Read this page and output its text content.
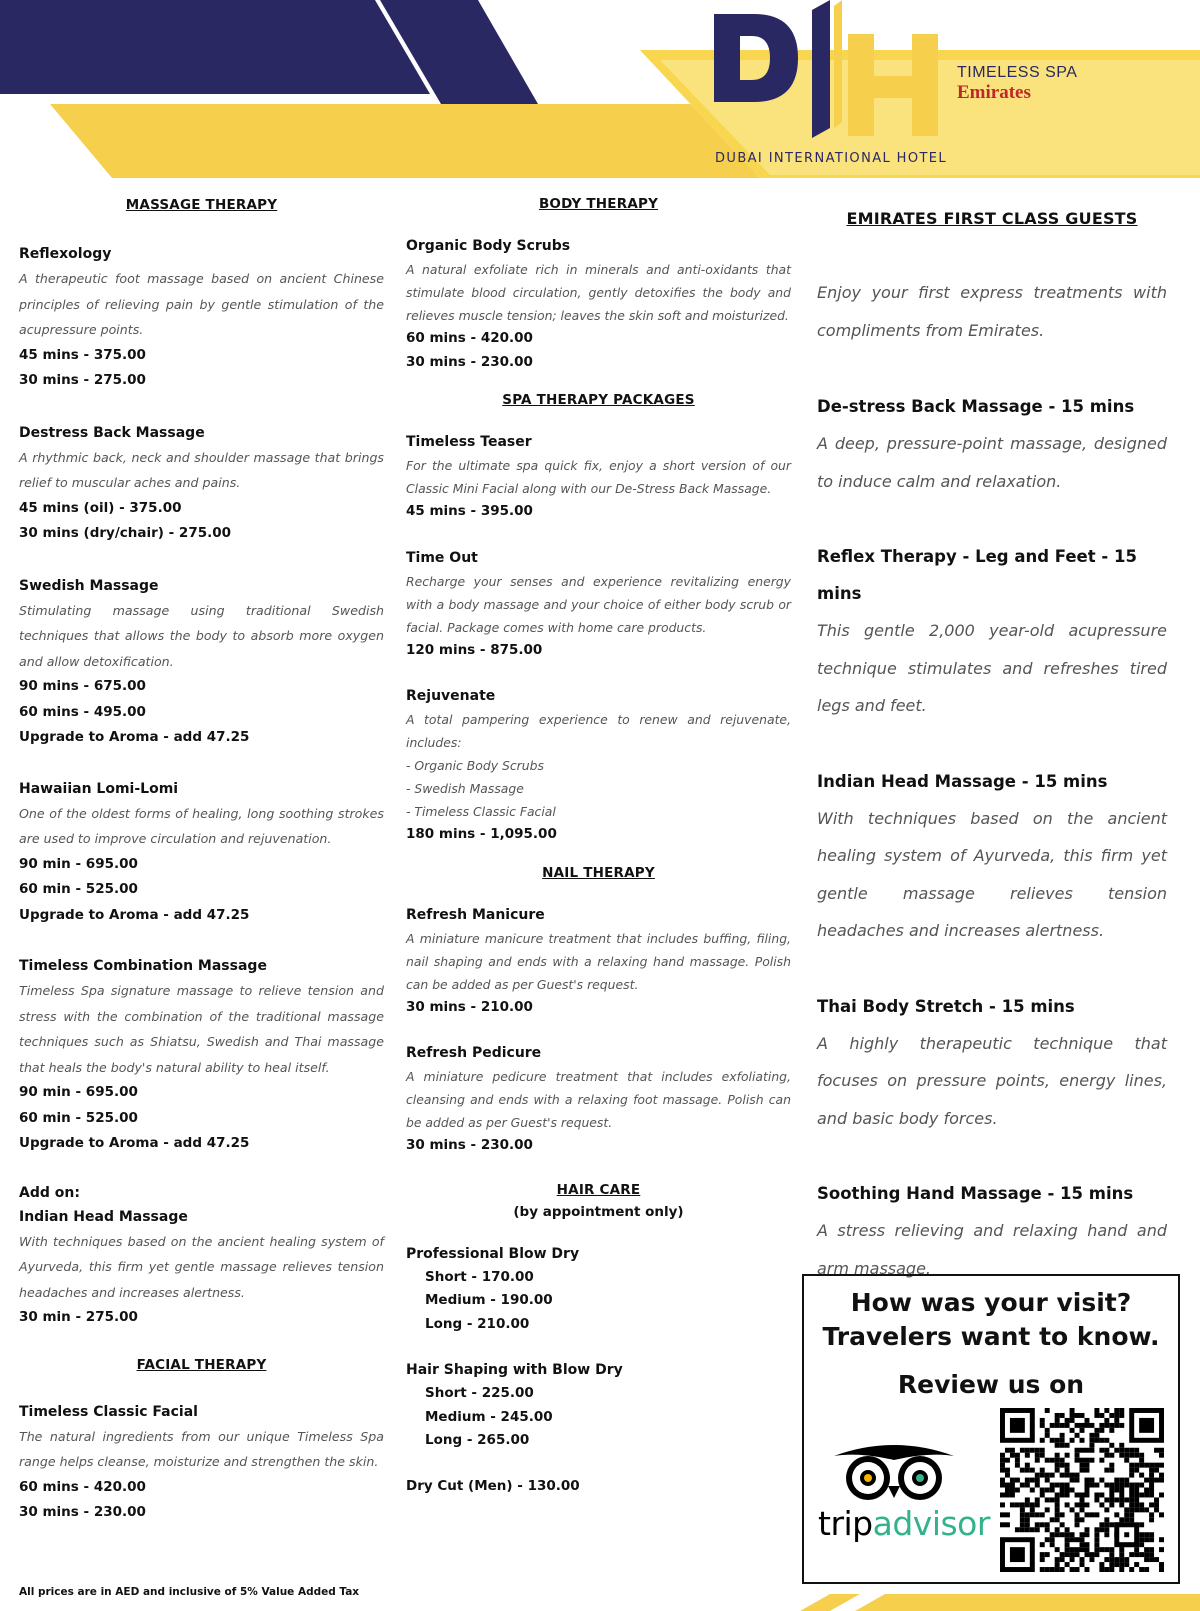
TIMELESS SPA
Emirates
DUBAI INTERNATIONAL HOTEL
MASSAGE THERAPY
Reflexology
A therapeutic foot massage based on ancient Chinese principles of relieving pain by gentle stimulation of the acupressure points.
45 mins - 375.00
30 mins - 275.00
Destress Back Massage
A rhythmic back, neck and shoulder massage that brings relief to muscular aches and pains.
45 mins (oil) - 375.00
30 mins (dry/chair) - 275.00
Swedish Massage
Stimulating massage using traditional Swedish techniques that allows the body to absorb more oxygen and allow detoxification.
90 mins - 675.00
60 mins - 495.00
Upgrade to Aroma - add 47.25
Hawaiian Lomi-Lomi
One of the oldest forms of healing, long soothing strokes are used to improve circulation and rejuvenation.
90 min - 695.00
60 min - 525.00
Upgrade to Aroma - add 47.25
Timeless Combination Massage
Timeless Spa signature massage to relieve tension and stress with the combination of the traditional massage techniques such as Shiatsu, Swedish and Thai massage that heals the body's natural ability to heal itself.
90 min - 695.00
60 min - 525.00
Upgrade to Aroma - add 47.25
Add on:
Indian Head Massage
With techniques based on the ancient healing system of Ayurveda, this firm yet gentle massage relieves tension headaches and increases alertness.
30 min - 275.00
FACIAL THERAPY
Timeless Classic Facial
The natural ingredients from our unique Timeless Spa range helps cleanse, moisturize and strengthen the skin.
60 mins - 420.00
30 mins - 230.00
BODY THERAPY
Organic Body Scrubs
A natural exfoliate rich in minerals and anti-oxidants that stimulate blood circulation, gently detoxifies the body and relieves muscle tension; leaves the skin soft and moisturized.
60 mins - 420.00
30 mins - 230.00
SPA THERAPY PACKAGES
Timeless Teaser
For the ultimate spa quick fix, enjoy a short version of our Classic Mini Facial along with our De-Stress Back Massage.
45 mins - 395.00
Time Out
Recharge your senses and experience revitalizing energy with a body massage and your choice of either body scrub or facial. Package comes with home care products.
120 mins - 875.00
Rejuvenate
A total pampering experience to renew and rejuvenate, includes:
- Organic Body Scrubs
- Swedish Massage
- Timeless Classic Facial
180 mins - 1,095.00
NAIL THERAPY
Refresh Manicure
A miniature manicure treatment that includes buffing, filing, nail shaping and ends with a relaxing hand massage. Polish can be added as per Guest's request.
30 mins - 210.00
Refresh Pedicure
A miniature pedicure treatment that includes exfoliating, cleansing and ends with a relaxing foot massage. Polish can be added as per Guest's request.
30 mins - 230.00
HAIR CARE
(by appointment only)
Professional Blow Dry
Short - 170.00
Medium - 190.00
Long - 210.00
Hair Shaping with Blow Dry
Short - 225.00
Medium - 245.00
Long - 265.00
Dry Cut (Men) - 130.00
EMIRATES FIRST CLASS GUESTS
Enjoy your first express treatments with compliments from Emirates.
De-stress Back Massage - 15 mins
A deep, pressure-point massage, designed to induce calm and relaxation.
Reflex Therapy - Leg and Feet - 15 mins
This gentle 2,000 year-old acupressure technique stimulates and refreshes tired legs and feet.
Indian Head Massage - 15 mins
With techniques based on the ancient healing system of Ayurveda, this firm yet gentle massage relieves tension headaches and increases alertness.
Thai Body Stretch - 15 mins
A highly therapeutic technique that focuses on pressure points, energy lines, and basic body forces.
Soothing Hand Massage - 15 mins
A stress relieving and relaxing hand and arm massage.
How was your visit?
Travelers want to know.
Review us on
tripadvisor
All prices are in AED and inclusive of 5% Value Added Tax
